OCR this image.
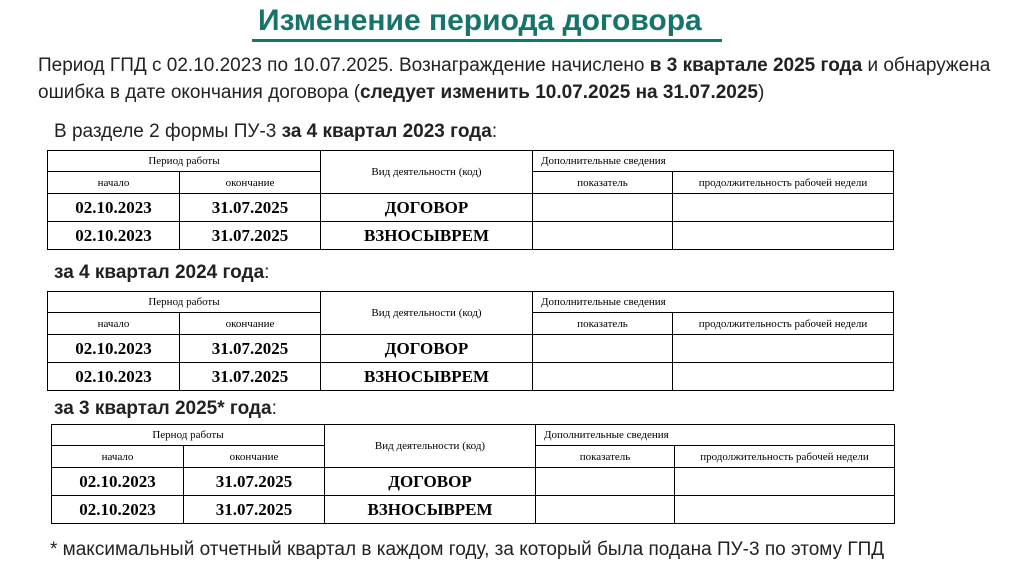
Изменение периода договора
Период ГПД с 02.10.2023 по 10.07.2025. Вознаграждение начислено в 3 квартале 2025 года и обнаружена ошибка в дате окончания договора (следует изменить 10.07.2025 на 31.07.2025)
В разделе 2 формы ПУ-3 за 4 квартал 2023 года:
Период работы		Вид деятельностн (код)	Дополнительные сведения	
начало	окончание		показатель	продолжительность рабочей недели
02.10.2023	31.07.2025	ДОГОВОР		
02.10.2023	31.07.2025	ВЗНОСЫВРЕМ		
за 4 квартал 2024 года:
Пернод работы		Вид деятельности (код)	Дополнительные сведения	
начало	окончание		показатель	продолжительность рабочей недели
02.10.2023	31.07.2025	ДОГОВОР		
02.10.2023	31.07.2025	ВЗНОСЫВРЕМ		
за 3 квартал 2025* года:
Пернод работы		Вид деятельности (код)	Дополнительные сведения	
начало	окончание		показатель	продолжительность рабочей недели
02.10.2023	31.07.2025	ДОГОВОР		
02.10.2023	31.07.2025	ВЗНОСЫВРЕМ		
* максимальный отчетный квартал в каждом году, за который была подана ПУ-3 по этому ГПД
